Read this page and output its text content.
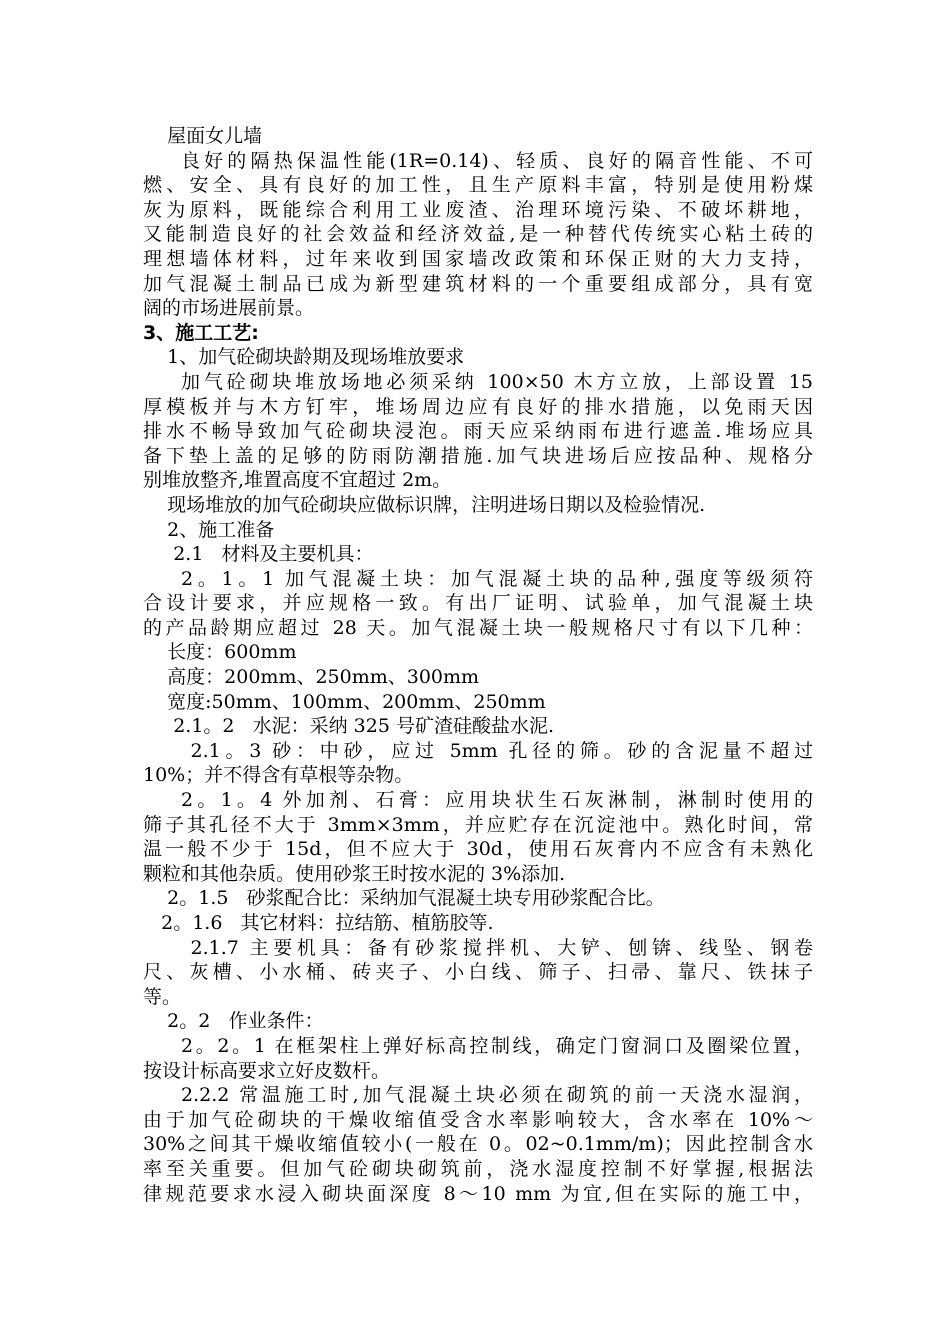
屋面女儿墙
良好的隔热保温性能(1R=0.14)、轻质、良好的隔音性能、不可
燃、安全、具有良好的加工性，且生产原料丰富，特别是使用粉煤
灰为原料，既能综合利用工业废渣、治理环境污染、不破坏耕地，
又能制造良好的社会效益和经济效益,是一种替代传统实心粘土砖的
理想墙体材料，过年来收到国家墙改政策和环保正财的大力支持，
加气混凝土制品已成为新型建筑材料的一个重要组成部分，具有宽
阔的市场进展前景。
3、施工工艺:
1、加气砼砌块龄期及现场堆放要求
加气砼砌块堆放场地必须采纳 100×50 木方立放，上部设置 15
厚模板并与木方钉牢，堆场周边应有良好的排水措施，以免雨天因
排水不畅导致加气砼砌块浸泡。雨天应采纳雨布进行遮盖.堆场应具
备下垫上盖的足够的防雨防潮措施.加气块进场后应按品种、规格分
别堆放整齐,堆置高度不宜超过 2m。
现场堆放的加气砼砌块应做标识牌，注明进场日期以及检验情况.
2、施工准备
2.1   材料及主要机具：
2。1。1 加气混凝土块：加气混凝土块的品种,强度等级须符
合设计要求，并应规格一致。有出厂证明、试验单，加气混凝土块
的产品龄期应超过 28 天。加气混凝土块一般规格尺寸有以下几种：
长度：600mm
高度：200mm、250mm、300mm
宽度:50mm、100mm、200mm、250mm
2.1。2   水泥：采纳 325 号矿渣硅酸盐水泥.
2.1。3 砂：中砂，应过 5mm 孔径的筛。砂的含泥量不超过
10%；并不得含有草根等杂物。
2。1。4 外加剂、石膏：应用块状生石灰淋制，淋制时使用的
筛子其孔径不大于 3mm×3mm，并应贮存在沉淀池中。熟化时间，常
温一般不少于 15d，但不应大于 30d，使用石灰膏内不应含有未熟化
颗粒和其他杂质。使用砂浆王时按水泥的 3%添加.
2。1.5   砂浆配合比：采纳加气混凝土块专用砂浆配合比。
2。1.6   其它材料：拉结筋、植筋胶等.
2.1.7 主要机具：备有砂浆搅拌机、大铲、刨锛、线坠、钢卷
尺、灰槽、小水桶、砖夹子、小白线、筛子、扫帚、靠尺、铁抹子
等。
2。2   作业条件：
2。2。1 在框架柱上弹好标高控制线，确定门窗洞口及圈梁位置，
按设计标高要求立好皮数杆。
2.2.2 常温施工时,加气混凝土块必须在砌筑的前一天浇水湿润，
由于加气砼砌块的干燥收缩值受含水率影响较大，含水率在 10%～
30%之间其干燥收缩值较小(一般在 0。02~0.1mm/m)；因此控制含水
率至关重要。但加气砼砌块砌筑前，浇水湿度控制不好掌握,根据法
律规范要求水浸入砌块面深度 8～10 mm 为宜,但在实际的施工中，
